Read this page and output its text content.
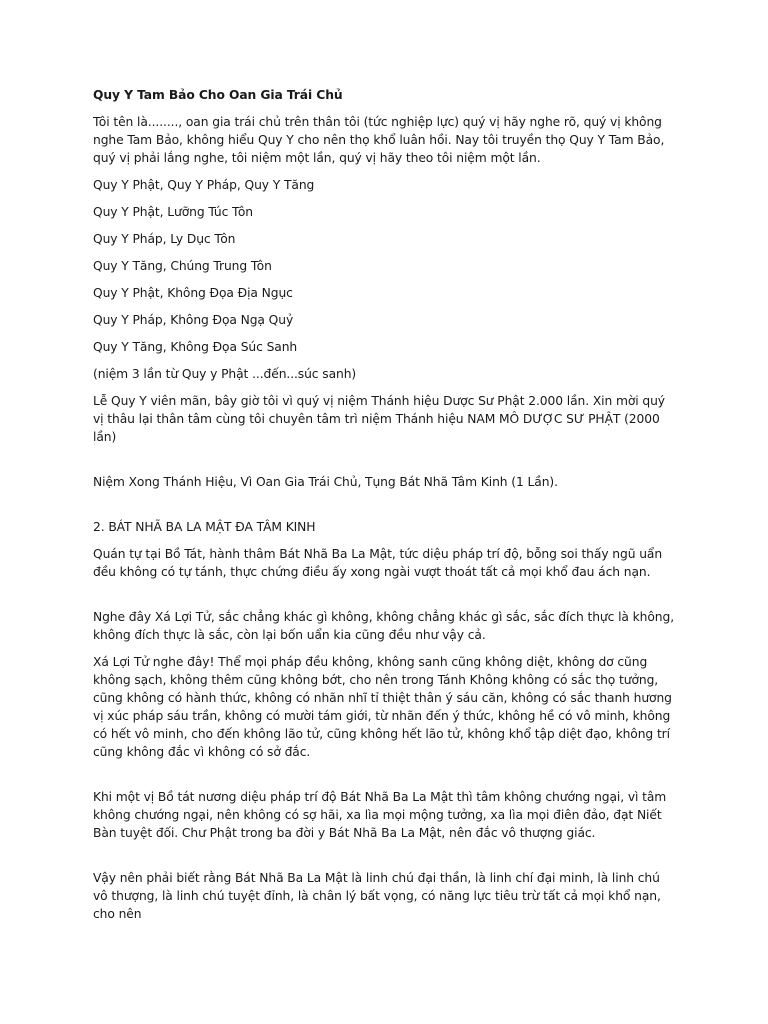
Quy Y Tam Bảo Cho Oan Gia Trái Chủ

Tôi tên là........, oan gia trái chủ trên thân tôi (tức nghiệp lực) quý vị hãy nghe rõ, quý vị không nghe Tam Bảo, không hiểu Quy Y cho nên thọ khổ luân hồi. Nay tôi truyền thọ Quy Y Tam Bảo, quý vị phải lắng nghe, tôi niệm một lần, quý vị hãy theo tôi niệm một lần.

Quy Y Phật, Quy Y Pháp, Quy Y Tăng

Quy Y Phật, Lưỡng Túc Tôn

Quy Y Pháp, Ly Dục Tôn

Quy Y Tăng, Chúng Trung Tôn

Quy Y Phật, Không Đọa Địa Ngục

Quy Y Pháp, Không Đọa Ngạ Quỷ

Quy Y Tăng, Không Đọa Súc Sanh

(niệm 3 lần từ Quy y Phật ...đến...súc sanh)

Lễ Quy Y viên mãn, bây giờ tôi vì quý vị niệm Thánh hiệu Dược Sư Phật 2.000 lần. Xin mời quý vị thâu lại thân tâm cùng tôi chuyên tâm trì niệm Thánh hiệu NAM MÔ DƯỢC SƯ PHẬT (2000 lần)

Niệm Xong Thánh Hiệu, Vì Oan Gia Trái Chủ, Tụng Bát Nhã Tâm Kinh (1 Lần).

2. BÁT NHÃ BA LA MẬT ĐA TÂM KINH

Quán tự tại Bồ Tát, hành thâm Bát Nhã Ba La Mật, tức diệu pháp trí độ, bỗng soi thấy ngũ uẩn đều không có tự tánh, thực chứng điều ấy xong ngài vượt thoát tất cả mọi khổ đau ách nạn.

Nghe đây Xá Lợi Tử, sắc chẳng khác gì không, không chẳng khác gì sắc, sắc đích thực là không, không đích thực là sắc, còn lại bốn uẩn kia cũng đều như vậy cả.

Xá Lợi Tử nghe đây! Thể mọi pháp đều không, không sanh cũng không diệt, không dơ cũng không sạch, không thêm cũng không bớt, cho nên trong Tánh Không không có sắc thọ tưởng, cũng không có hành thức, không có nhãn nhĩ tỉ thiệt thân ý sáu căn, không có sắc thanh hương vị xúc pháp sáu trần, không có mười tám giới, từ nhãn đến ý thức, không hề có vô minh, không có hết vô minh, cho đến không lão tử, cũng không hết lão tử, không khổ tập diệt đạo, không trí cũng không đắc vì không có sở đắc.

Khi một vị Bồ tát nương diệu pháp trí độ Bát Nhã Ba La Mật thì tâm không chướng ngại, vì tâm không chướng ngại, nên không có sợ hãi, xa lìa mọi mộng tưởng, xa lìa mọi điên đảo, đạt Niết Bàn tuyệt đối. Chư Phật trong ba đời y Bát Nhã Ba La Mật, nên đắc vô thượng giác.

Vậy nên phải biết rằng Bát Nhã Ba La Mật là linh chú đại thần, là linh chí đại minh, là linh chú vô thượng, là linh chú tuyệt đỉnh, là chân lý bất vọng, có năng lực tiêu trừ tất cả mọi khổ nạn, cho nên
